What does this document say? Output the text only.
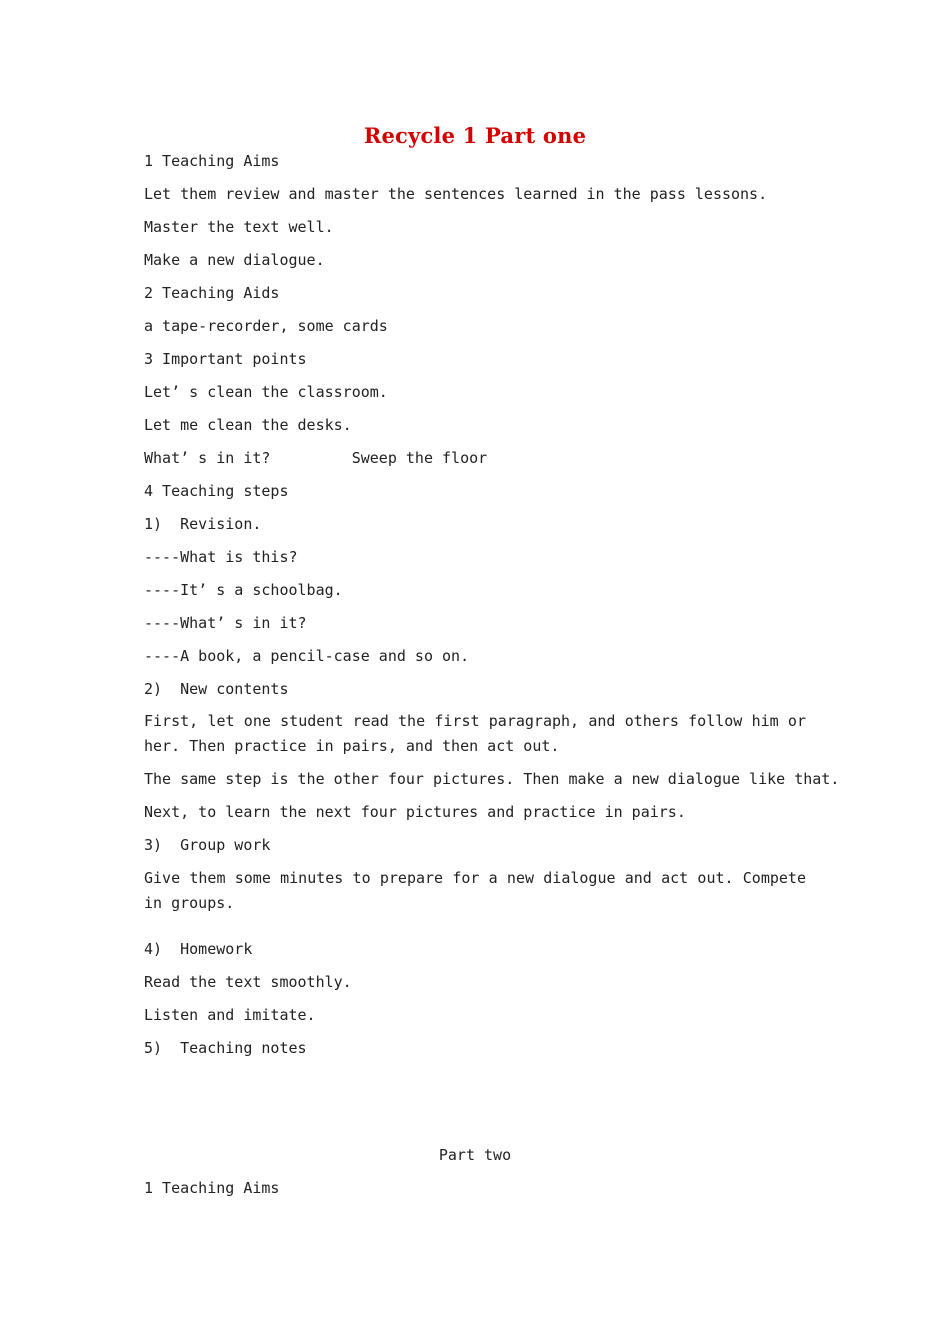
Recycle 1 Part one
1 Teaching Aims
Let them review and master the sentences learned in the pass lessons.
Master the text well.
Make a new dialogue.
2 Teaching Aids
a tape-recorder, some cards
3 Important points
Let’ s clean the classroom.
Let me clean the desks.
What’ s in it?         Sweep the floor
4 Teaching steps
1)  Revision.
----What is this?
----It’ s a schoolbag.
----What’ s in it?
----A book, a pencil-case and so on.
2)  New contents
First, let one student read the first paragraph, and others follow him or her. Then practice in pairs, and then act out.
The same step is the other four pictures. Then make a new dialogue like that.
Next, to learn the next four pictures and practice in pairs.
3)  Group work
Give them some minutes to prepare for a new dialogue and act out. Compete in groups.
4)  Homework
Read the text smoothly.
Listen and imitate.
5)  Teaching notes
Part two
1 Teaching Aims
